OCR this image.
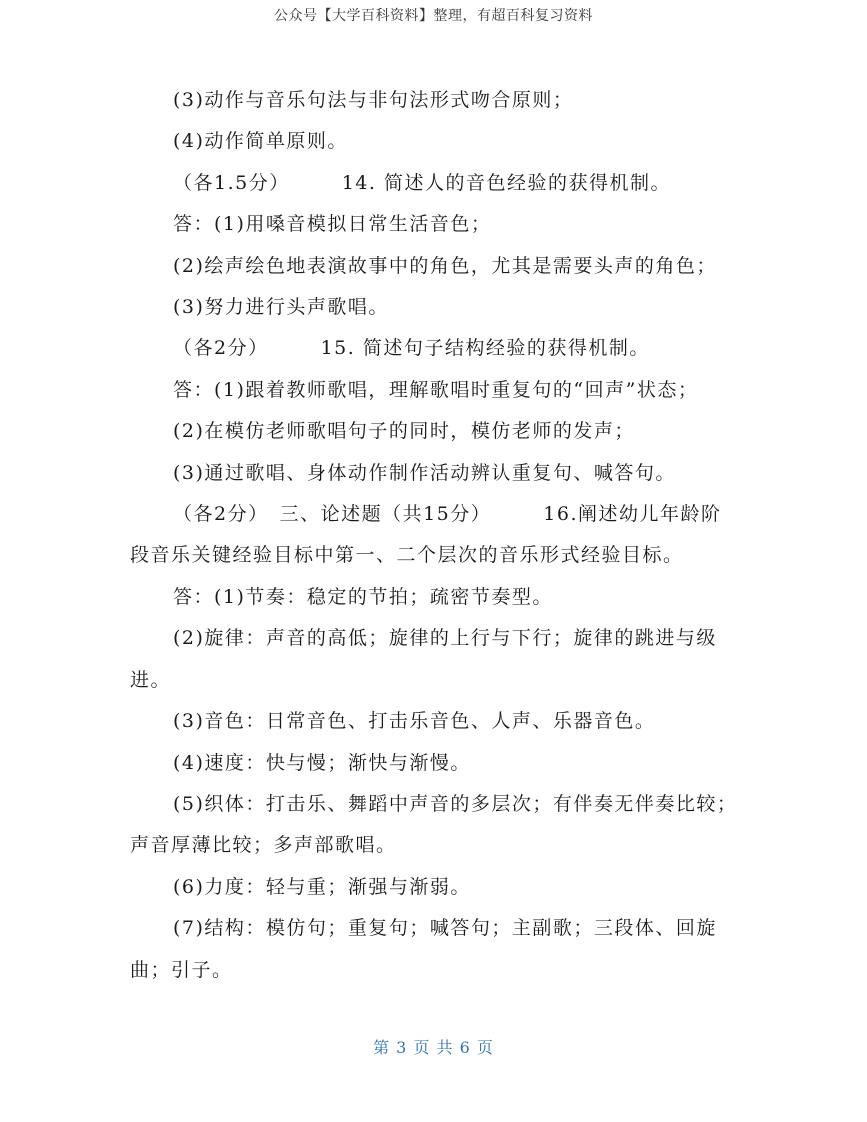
公众号【大学百科资料】整理，有超百科复习资料

(3)动作与音乐句法与非句法形式吻合原则；

(4)动作简单原则。

（各1.5分）　　　14. 简述人的音色经验的获得机制。

答：(1)用嗓音模拟日常生活音色；

(2)绘声绘色地表演故事中的角色，尤其是需要头声的角色；

(3)努力进行头声歌唱。

（各2分）　　　15. 简述句子结构经验的获得机制。

答：(1)跟着教师歌唱，理解歌唱时重复句的“回声”状态；

(2)在模仿老师歌唱句子的同时，模仿老师的发声；

(3)通过歌唱、身体动作制作活动辨认重复句、喊答句。

（各2分）　三、论述题（共15分）　　　16.阐述幼儿年龄阶段音乐关键经验目标中第一、二个层次的音乐形式经验目标。

答：(1)节奏：稳定的节拍；疏密节奏型。

(2)旋律：声音的高低；旋律的上行与下行；旋律的跳进与级进。

(3)音色：日常音色、打击乐音色、人声、乐器音色。

(4)速度：快与慢；渐快与渐慢。

(5)织体：打击乐、舞蹈中声音的多层次；有伴奏无伴奏比较；声音厚薄比较；多声部歌唱。

(6)力度：轻与重；渐强与渐弱。

(7)结构：模仿句；重复句；喊答句；主副歌；三段体、回旋曲；引子。

第 3 页 共 6 页
